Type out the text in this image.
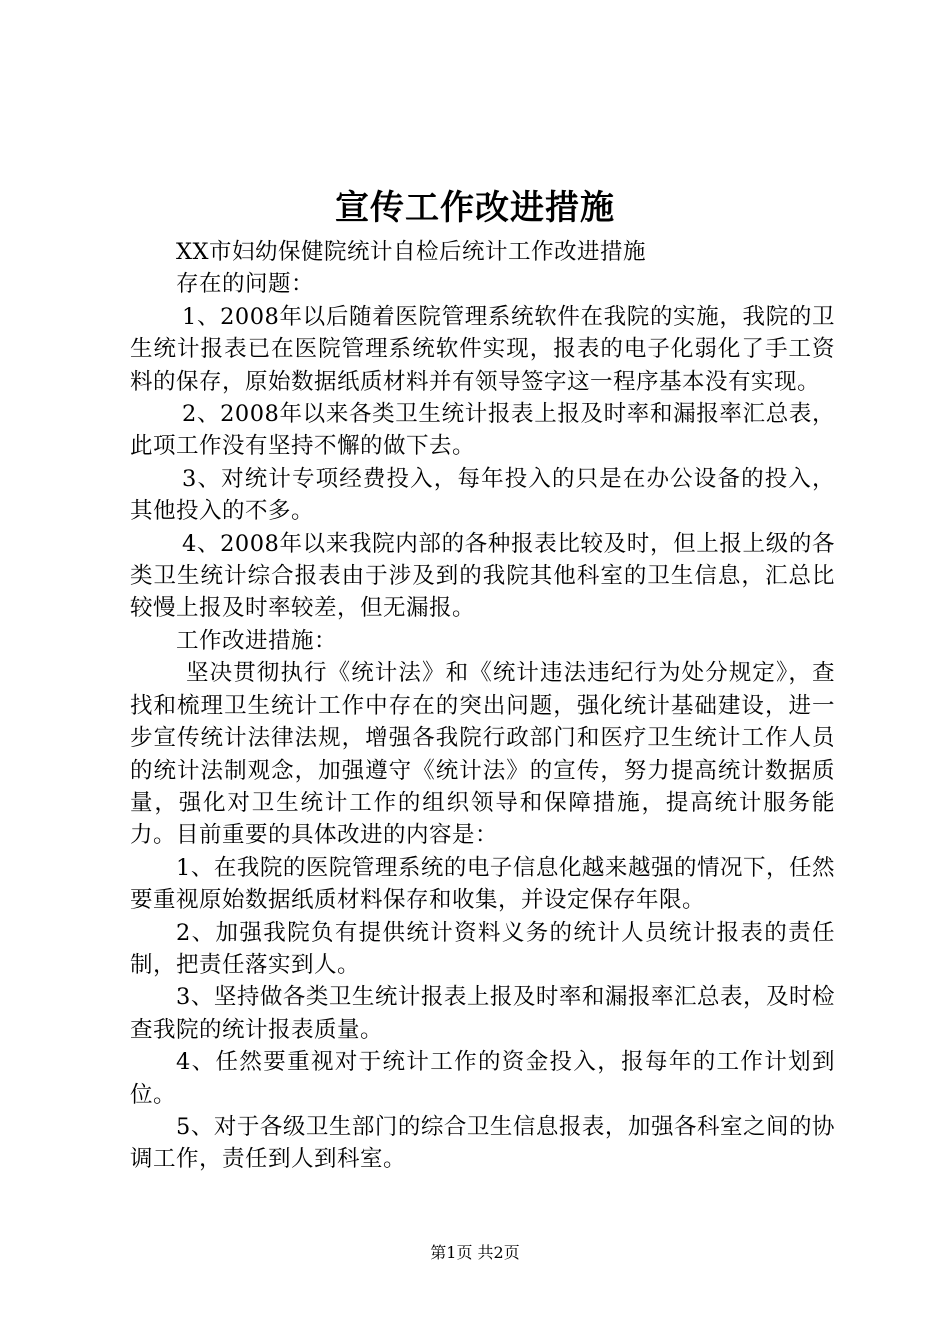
宣传工作改进措施

XX市妇幼保健院统计自检后统计工作改进措施

存在的问题：

1、2008年以后随着医院管理系统软件在我院的实施，我院的卫生统计报表已在医院管理系统软件实现，报表的电子化弱化了手工资料的保存，原始数据纸质材料并有领导签字这一程序基本没有实现。

2、2008年以来各类卫生统计报表上报及时率和漏报率汇总表，此项工作没有坚持不懈的做下去。

3、对统计专项经费投入，每年投入的只是在办公设备的投入，其他投入的不多。

4、2008年以来我院内部的各种报表比较及时，但上报上级的各类卫生统计综合报表由于涉及到的我院其他科室的卫生信息，汇总比较慢上报及时率较差，但无漏报。

工作改进措施：

坚决贯彻执行《统计法》和《统计违法违纪行为处分规定》，查找和梳理卫生统计工作中存在的突出问题，强化统计基础建设，进一步宣传统计法律法规，增强各我院行政部门和医疗卫生统计工作人员的统计法制观念，加强遵守《统计法》的宣传，努力提高统计数据质量，强化对卫生统计工作的组织领导和保障措施，提高统计服务能力。目前重要的具体改进的内容是：

1、在我院的医院管理系统的电子信息化越来越强的情况下，任然要重视原始数据纸质材料保存和收集，并设定保存年限。

2、加强我院负有提供统计资料义务的统计人员统计报表的责任制，把责任落实到人。

3、坚持做各类卫生统计报表上报及时率和漏报率汇总表，及时检查我院的统计报表质量。

4、任然要重视对于统计工作的资金投入，报每年的工作计划到位。

5、对于各级卫生部门的综合卫生信息报表，加强各科室之间的协调工作，责任到人到科室。

第1页 共2页
